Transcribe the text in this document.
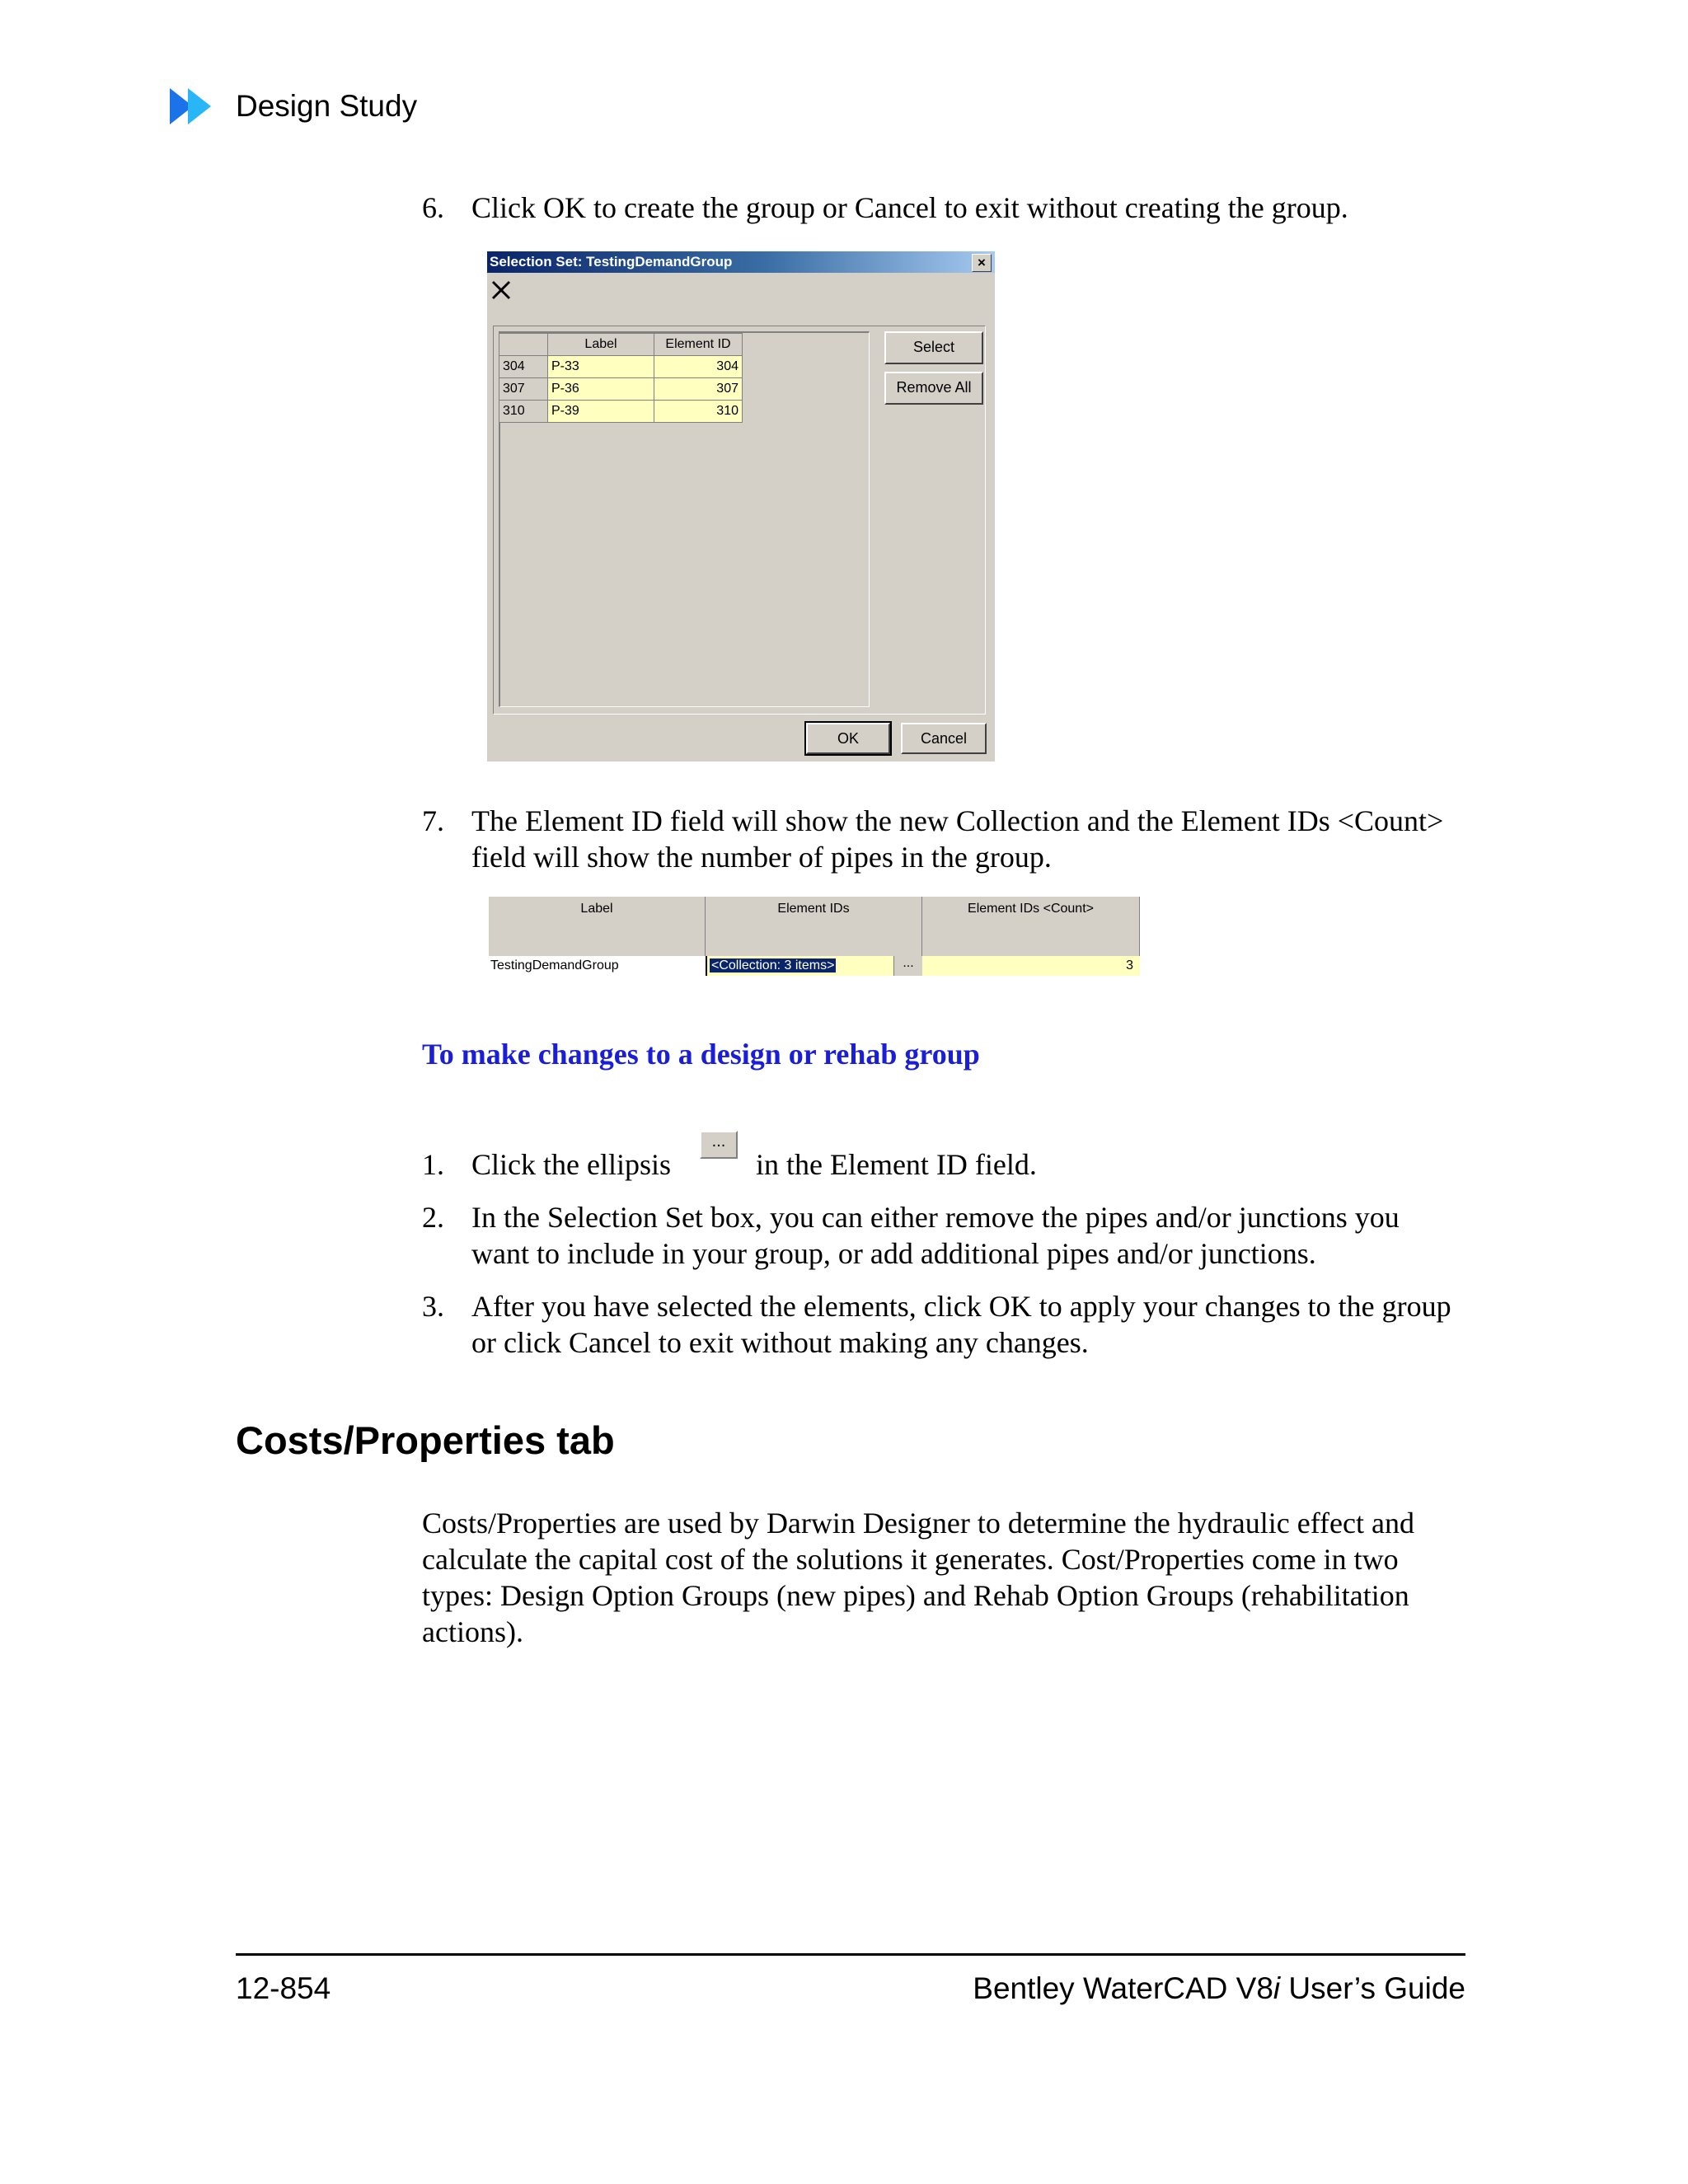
Design Study
6. Click OK to create the group or Cancel to exit without creating the group.
Selection Set: TestingDemandGroup	×
	Label	Element ID
304	P-33	304
307	P-36	307
310	P-39	310
Select
Remove All
OK	Cancel
7. The Element ID field will show the new Collection and the Element IDs <Count>
field will show the number of pipes in the group.
Label	Element IDs	Element IDs <Count>
TestingDemandGroup	<Collection: 3 items>	...	3
To make changes to a design or rehab group
1. Click the ellipsis	in the Element ID field.
...
2. In the Selection Set box, you can either remove the pipes and/or junctions you
want to include in your group, or add additional pipes and/or junctions.
3. After you have selected the elements, click OK to apply your changes to the group
or click Cancel to exit without making any changes.
Costs/Properties tab
Costs/Properties are used by Darwin Designer to determine the hydraulic effect and
calculate the capital cost of the solutions it generates. Cost/Properties come in two
types: Design Option Groups (new pipes) and Rehab Option Groups (rehabilitation
actions).
12-854	Bentley WaterCAD V8i User’s Guide
